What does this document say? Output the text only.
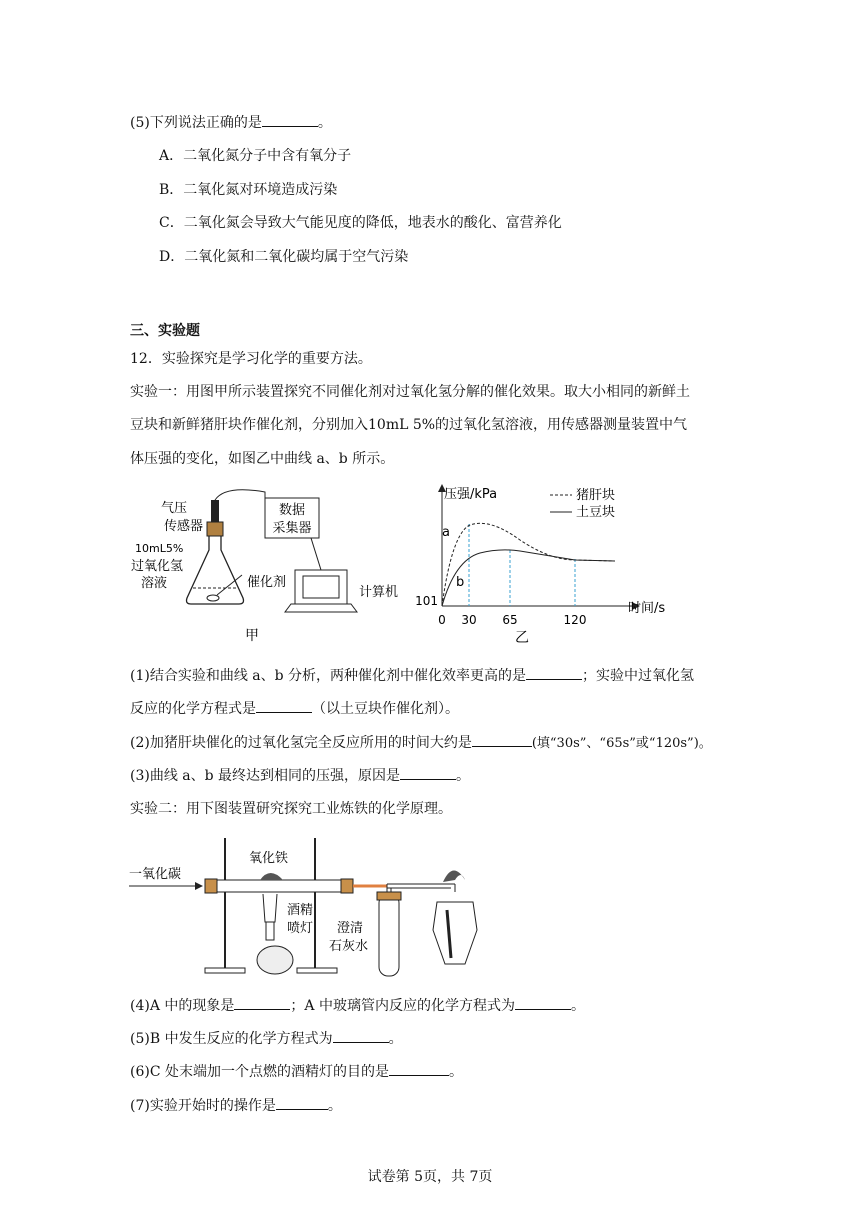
(5)下列说法正确的是	。
A．二氧化氮分子中含有氧分子
B．二氧化氮对环境造成污染
C．二氧化氮会导致大气能见度的降低，地表水的酸化、富营养化
D．二氧化氮和二氧化碳均属于空气污染
三、实验题
12．实验探究是学习化学的重要方法。
实验一：用图甲所示装置探究不同催化剂对过氧化氢分解的催化效果。取大小相同的新鲜土
豆块和新鲜猪肝块作催化剂，分别加入10mL 5%的过氧化氢溶液，用传感器测量装置中气
体压强的变化，如图乙中曲线 a、b 所示。
数据
采集器
气压
传感器
10mL5%
过氧化氢
溶液	催化剂
计算机
甲
压强/kPa
时间/s
猪肝块
土豆块
101
0 30 65	120
a
b
乙
(1)结合实验和曲线 a、b 分析，两种催化剂中催化效率更高的是	；实验中过氧化氢
反应的化学方程式是	（以土豆块作催化剂）。
(2)加猪肝块催化的过氧化氢完全反应所用的时间大约是	(填“30s”、“65s”或“120s”)。
(3)曲线 a、b 最终达到相同的压强，原因是	。
实验二：用下图装置研究探究工业炼铁的化学原理。
一氧化碳
氧化铁
酒精
喷灯 澄清
石灰水
(4)A 中的现象是	；A 中玻璃管内反应的化学方程式为	。
(5)B 中发生反应的化学方程式为	。
(6)C 处末端加一个点燃的酒精灯的目的是	。
(7)实验开始时的操作是	。
试卷第 5页，共 7页
